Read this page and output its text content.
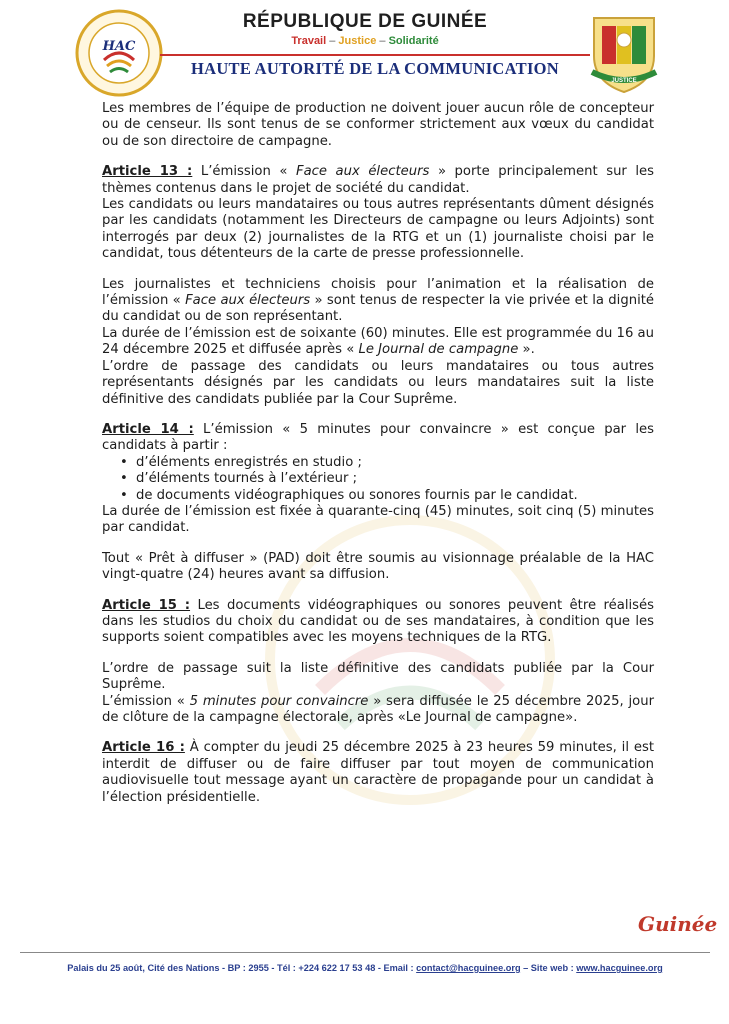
HAC
JUSTICE
RÉPUBLIQUE DE GUINÉE
Travail – Justice – Solidarité
HAUTE AUTORITÉ DE LA COMMUNICATION

Les membres de l’équipe de production ne doivent jouer aucun rôle de concepteur ou de censeur. Ils sont tenus de se conformer strictement aux vœux du candidat ou de son directoire de campagne.

Article 13 : L’émission « Face aux électeurs » porte principalement sur les thèmes contenus dans le projet de société du candidat.

Les candidats ou leurs mandataires ou tous autres représentants dûment désignés par les candidats (notamment les Directeurs de campagne ou leurs Adjoints) sont interrogés par deux (2) journalistes de la RTG et un (1) journaliste choisi par le candidat, tous détenteurs de la carte de presse professionnelle.

Les journalistes et techniciens choisis pour l’animation et la réalisation de l’émission « Face aux électeurs » sont tenus de respecter la vie privée et la dignité du candidat ou de son représentant.

La durée de l’émission est de soixante (60) minutes. Elle est programmée du 16 au 24 décembre 2025 et diffusée après « Le Journal de campagne ».

L’ordre de passage des candidats ou leurs mandataires ou tous autres représentants désignés par les candidats ou leurs mandataires suit la liste définitive des candidats publiée par la Cour Suprême.

Article 14 : L’émission « 5 minutes pour convaincre » est conçue par les candidats à partir :

• d’éléments enregistrés en studio ;
• d’éléments tournés à l’extérieur ;
• de documents vidéographiques ou sonores fournis par le candidat.

La durée de l’émission est fixée à quarante-cinq (45) minutes, soit cinq (5) minutes par candidat.

Tout « Prêt à diffuser » (PAD) doit être soumis au visionnage préalable de la HAC vingt-quatre (24) heures avant sa diffusion.

Article 15 : Les documents vidéographiques ou sonores peuvent être réalisés dans les studios du choix du candidat ou de ses mandataires, à condition que les supports soient compatibles avec les moyens techniques de la RTG.

L’ordre de passage suit la liste définitive des candidats publiée par la Cour Suprême.

L’émission « 5 minutes pour convaincre » sera diffusée le 25 décembre 2025, jour de clôture de la campagne électorale, après «Le Journal de campagne».

Article 16 : À compter du jeudi 25 décembre 2025 à 23 heures 59 minutes, il est interdit de diffuser ou de faire diffuser par tout moyen de communication audiovisuelle tout message ayant un caractère de propagande pour un candidat à l’élection présidentielle.

Guinée
Palais du 25 août, Cité des Nations - BP : 2955 - Tél : +224 622 17 53 48 - Email : contact@hacguinee.org – Site web : www.hacguinee.org
